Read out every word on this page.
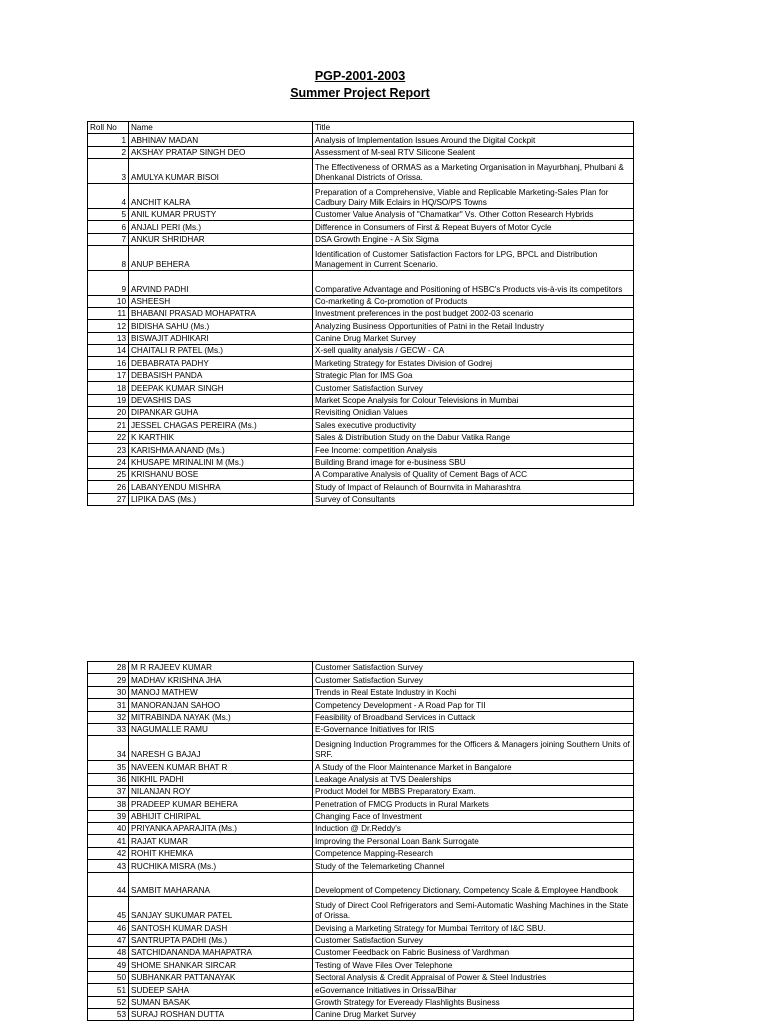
PGP-2001-2003
Summer Project Report
Roll No	Name	Title
1	ABHINAV MADAN	Analysis of Implementation Issues Around the Digital Cockpit
2	AKSHAY PRATAP SINGH DEO	Assessment of M-seal RTV Silicone Sealent
3	AMULYA KUMAR BISOI	The Effectiveness of ORMAS as a Marketing Organisation in Mayurbhanj, Phulbani & Dhenkanal Districts of Orissa.
4	ANCHIT KALRA	Preparation of a Comprehensive, Viable and Replicable Marketing-Sales Plan for Cadbury Dairy Milk Eclairs in HQ/SO/PS Towns
5	ANIL KUMAR PRUSTY	Customer Value Analysis of "Chamatkar" Vs. Other Cotton Research Hybrids
6	ANJALI PERI (Ms.)	Difference in Consumers of First & Repeat Buyers of Motor Cycle
7	ANKUR SHRIDHAR	DSA Growth Engine - A Six Sigma
8	ANUP BEHERA	Identification of Customer Satisfaction Factors for LPG, BPCL and Distribution Management in Current Scenario.
9	ARVIND PADHI	Comparative Advantage and Positioning of HSBC's Products vis-à-vis its competitors
10	ASHEESH	Co-marketing & Co-promotion of Products
11	BHABANI PRASAD MOHAPATRA	Investment preferences in the post budget 2002-03 scenario
12	BIDISHA SAHU (Ms.)	Analyzing Business Opportunities of Patni in the Retail Industry
13	BISWAJIT ADHIKARI	Canine Drug Market Survey
14	CHAITALI R PATEL (Ms.)	X-sell quality analysis / GECW - CA
16	DEBABRATA PADHY	Marketing Strategy for Estates Division of Godrej
17	DEBASISH PANDA	Strategic Plan for IMS Goa
18	DEEPAK KUMAR SINGH	Customer Satisfaction Survey
19	DEVASHIS DAS	Market Scope Analysis for Colour Televisions in Mumbai
20	DIPANKAR GUHA	Revisiting Onidian Values
21	JESSEL CHAGAS PEREIRA (Ms.)	Sales executive productivity
22	K KARTHIK	Sales & Distribution Study on the Dabur Vatika Range
23	KARISHMA ANAND (Ms.)	Fee Income: competition Analysis
24	KHUSAPE MRINALINI M (Ms.)	Building Brand image for e-business SBU
25	KRISHANU BOSE	A Comparative Analysis of Quality of Cement Bags of ACC
26	LABANYENDU MISHRA	Study of Impact of Relaunch of Bournvita in Maharashtra
27	LIPIKA DAS (Ms.)	Survey of Consultants
28	M R RAJEEV KUMAR	Customer Satisfaction Survey
29	MADHAV KRISHNA JHA	Customer Satisfaction Survey
30	MANOJ MATHEW	Trends in Real Estate Industry in Kochi
31	MANORANJAN SAHOO	Competency Development - A Road Pap for TII
32	MITRABINDA NAYAK (Ms.)	Feasibility of Broadband Services in Cuttack
33	NAGUMALLE RAMU	E-Governance Initiatives for IRIS
34	NARESH G BAJAJ	Designing Induction Programmes for the Officers & Managers joining Southern Units of SRF.
35	NAVEEN KUMAR BHAT R	A Study of the Floor Maintenance Market in Bangalore
36	NIKHIL PADHI	Leakage Analysis at TVS Dealerships
37	NILANJAN ROY	Product Model for MBBS Preparatory Exam.
38	PRADEEP KUMAR BEHERA	Penetration of FMCG Products in Rural Markets
39	ABHIJIT CHIRIPAL	Changing Face of Investment
40	PRIYANKA APARAJITA (Ms.)	Induction @ Dr.Reddy's
41	RAJAT KUMAR	Improving the Personal Loan Bank Surrogate
42	ROHIT KHEMKA	Competence Mapping-Research
43	RUCHIKA MISRA (Ms.)	Study of the Telemarketing Channel
44	SAMBIT MAHARANA	Development of Competency Dictionary, Competency Scale & Employee Handbook
45	SANJAY SUKUMAR PATEL	Study of Direct Cool Refrigerators and Semi-Automatic Washing Machines in the State of Orissa.
46	SANTOSH KUMAR DASH	Devising a Marketing Strategy for Mumbai Territory of I&C SBU.
47	SANTRUPTA PADHI (Ms.)	Customer Satisfaction Survey
48	SATCHIDANANDA MAHAPATRA	Customer Feedback on Fabric Business of Vardhman
49	SHOME SHANKAR SIRCAR	Testing of Wave Files Over Telephone
50	SUBHANKAR PATTANAYAK	Sectoral Analysis & Credit Appraisal of Power & Steel Industries
51	SUDEEP SAHA	eGovernance Initiatives in Orissa/Bihar
52	SUMAN BASAK	Growth Strategy for Eveready Flashlights Business
53	SURAJ ROSHAN DUTTA	Canine Drug Market Survey
